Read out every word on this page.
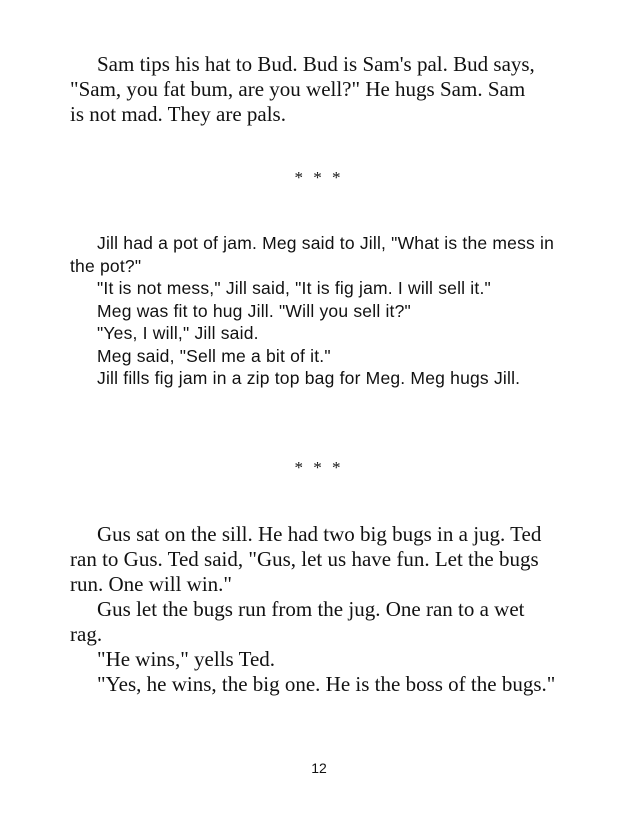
Sam tips his hat to Bud. Bud is Sam's pal. Bud says, "Sam, you fat bum, are you well?" He hugs Sam. Sam is not mad. They are pals.

* * *

Jill had a pot of jam. Meg said to Jill, "What is the mess in the pot?"

"It is not mess," Jill said, "It is fig jam. I will sell it."

Meg was fit to hug Jill. "Will you sell it?"

"Yes, I will," Jill said.

Meg said, "Sell me a bit of it."

Jill fills fig jam in a zip top bag for Meg. Meg hugs Jill.

* * *

Gus sat on the sill. He had two big bugs in a jug. Ted ran to Gus. Ted said, "Gus, let us have fun. Let the bugs run. One will win."

Gus let the bugs run from the jug. One ran to a wet rag.

"He wins," yells Ted.

"Yes, he wins, the big one. He is the boss of the bugs."

12
